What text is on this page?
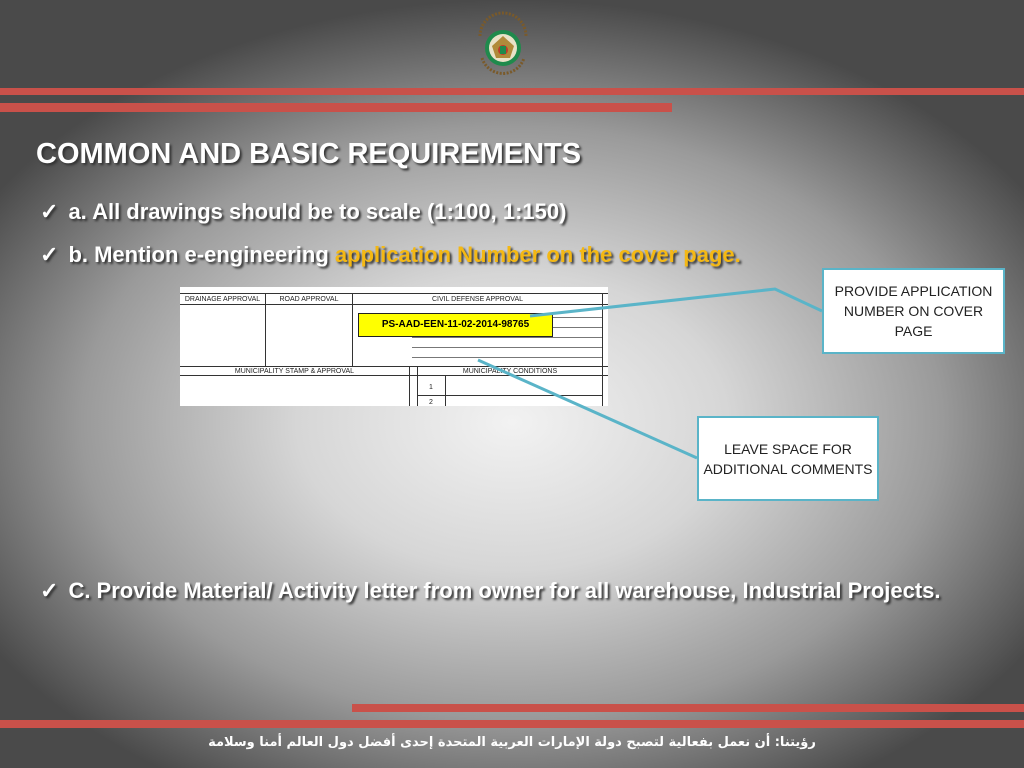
COMMON AND BASIC REQUIREMENTS
✓ a. All drawings should be to scale (1:100, 1:150)
✓ b. Mention e-engineering application Number on the cover page.
DRAINAGE APPROVAL	ROAD APPROVAL	CIVIL DEFENSE APPROVAL
PS-AAD-EEN-11-02-2014-98765
MUNICIPALITY STAMP & APPROVAL	MUNICIPALITY CONDITIONS
1
2
PROVIDE APPLICATION NUMBER ON COVER PAGE
LEAVE SPACE FOR ADDITIONAL COMMENTS
✓ C. Provide Material/ Activity letter from owner for all warehouse, Industrial Projects.
رؤيتنا: أن نعمل بفعالية لتصبح دولة الإمارات العربية المتحدة إحدى أفضل دول العالم أمنا وسلامة
